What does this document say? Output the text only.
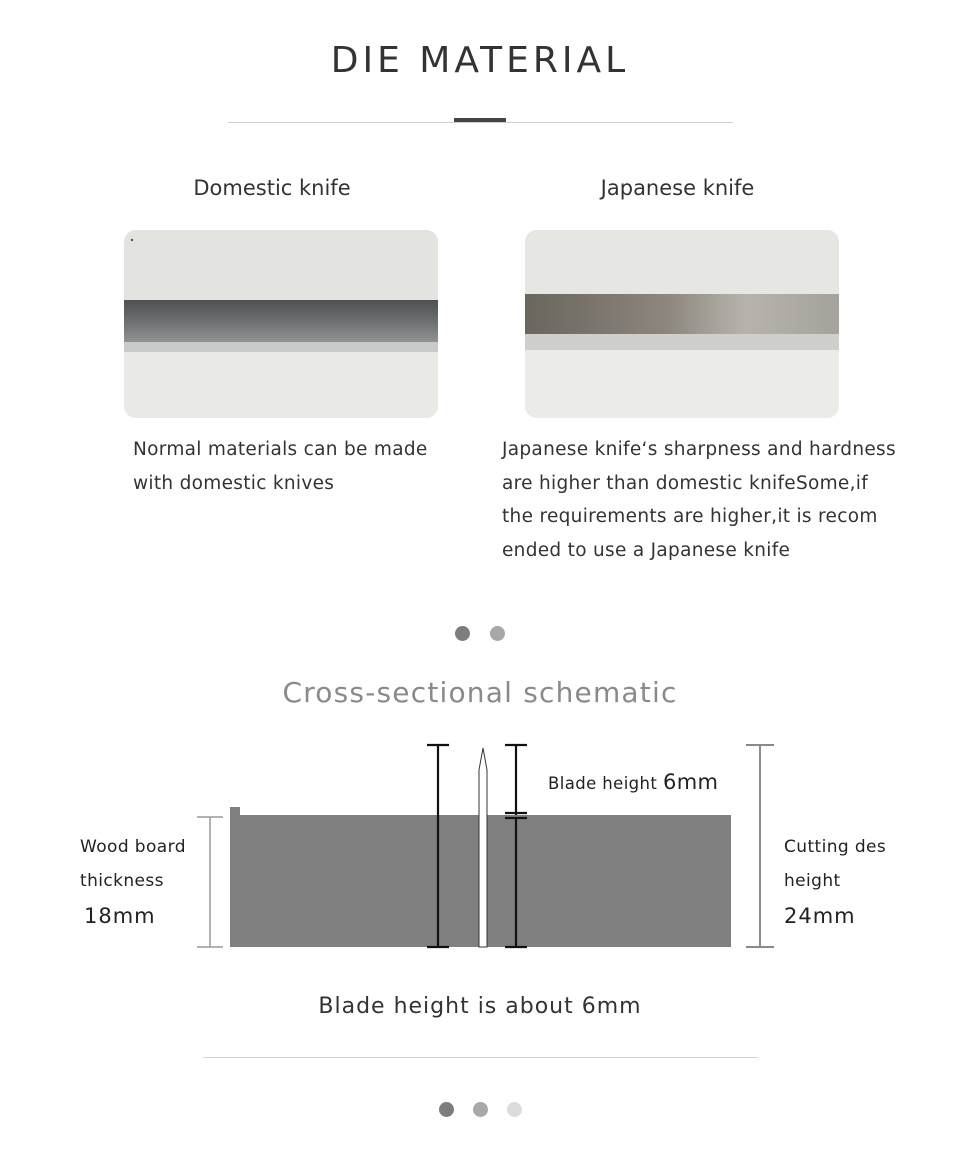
DIE MATERIAL
Domestic knife
Normal materials can be made
with domestic knives
Japanese knife
Japanese knife‘s sharpness and hardness
are higher than domestic knifeSome,if
the requirements are higher,it is recom
ended to use a Japanese knife
Cross-sectional schematic
Wood board
thickness
18mm
Blade height 6mm
Cutting des
height
24mm
Blade height is about 6mm
